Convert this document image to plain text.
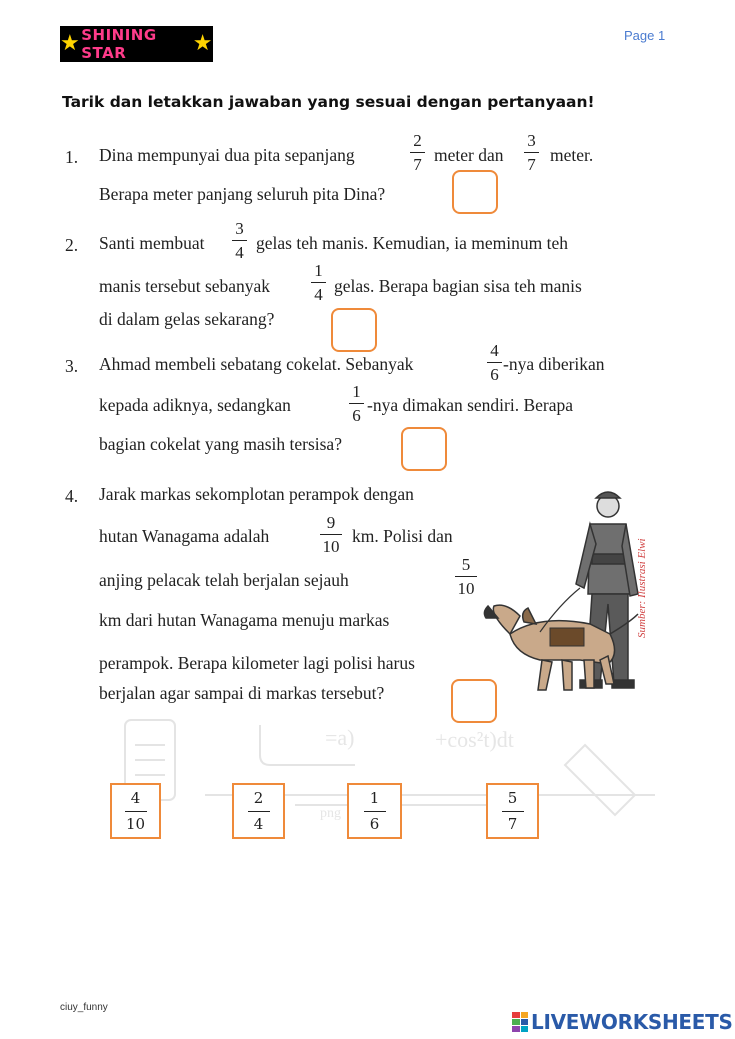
★ SHINING STAR	★	Page 1
Tarik dan letakkan jawaban yang sesuai dengan pertanyaan!
=a)	+cos²t)dt
png
1. Dina mempunyai dua pita sepanjang
2
7 meter dan
3
7 meter.
Berapa meter panjang seluruh pita Dina?
2. Santi membuat
3
4 gelas teh manis. Kemudian, ia meminum teh
manis tersebut sebanyak
1
4 gelas. Berapa bagian sisa teh manis
di dalam gelas sekarang?
3. Ahmad membeli sebatang cokelat. Sebanyak
4
6
-nya diberikan
kepada adiknya, sedangkan
1
6
-nya dimakan sendiri. Berapa
bagian cokelat yang masih tersisa?
4. Jarak markas sekomplotan perampok dengan
hutan Wanagama adalah
9
10
km. Polisi dan
anjing pelacak telah berjalan sejauh
5
10
km dari hutan Wanagama menuju markas
perampok. Berapa kilometer lagi polisi harus
berjalan agar sampai di markas tersebut?
Sumber: Ilustrasi Elwi
4
10
2
4
1
6
5
7
ciuy_funny
LIVEWORKSHEETS
